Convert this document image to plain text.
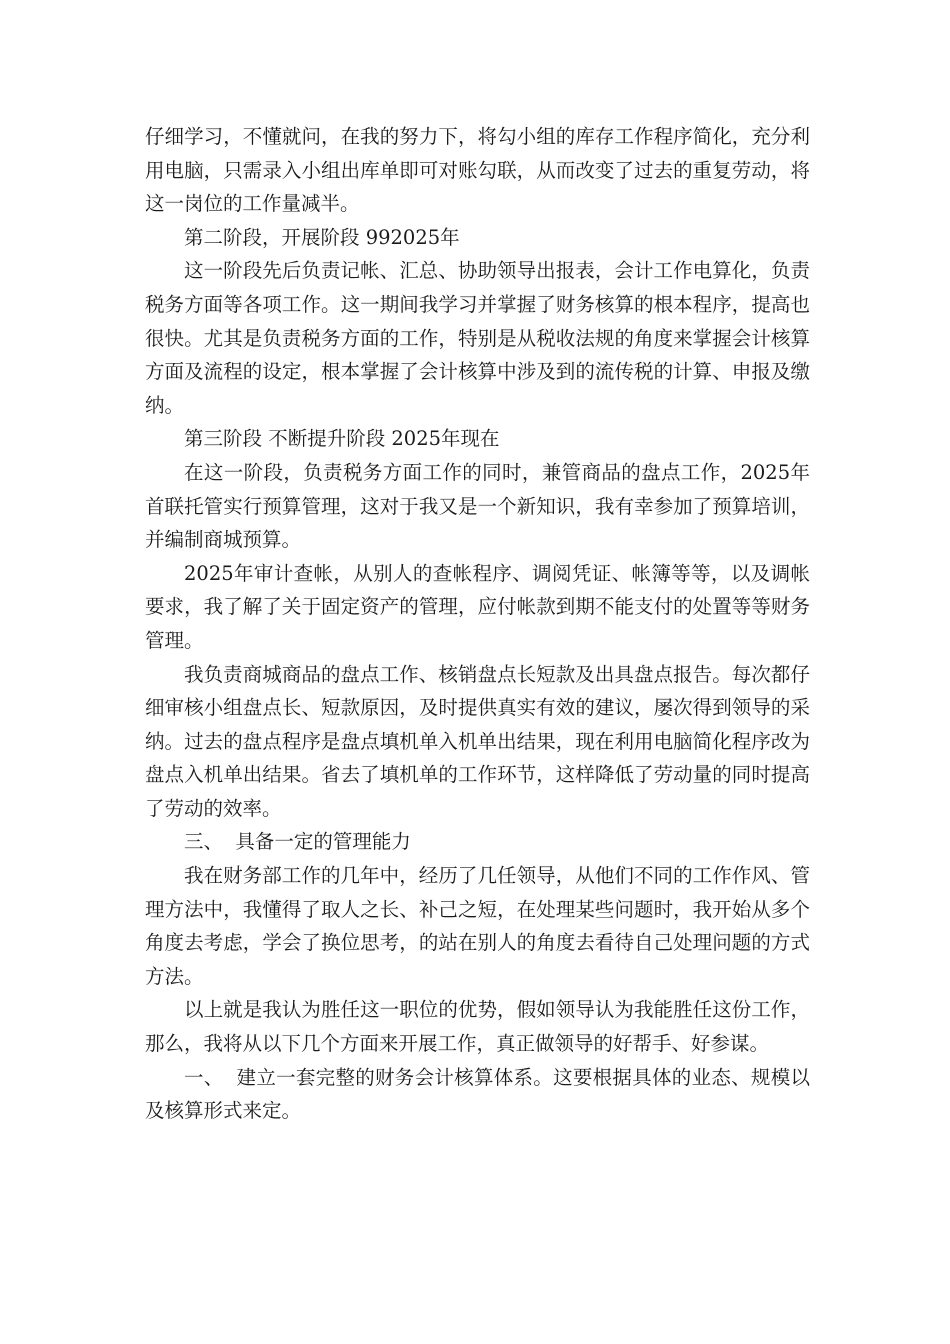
仔细学习，不懂就问，在我的努力下，将勾小组的库存工作程序简化，充分利用电脑，只需录入小组出库单即可对账勾联，从而改变了过去的重复劳动，将这一岗位的工作量减半。

第二阶段，开展阶段 992025年

这一阶段先后负责记帐、汇总、协助领导出报表，会计工作电算化，负责税务方面等各项工作。这一期间我学习并掌握了财务核算的根本程序，提高也很快。尤其是负责税务方面的工作，特别是从税收法规的角度来掌握会计核算方面及流程的设定，根本掌握了会计核算中涉及到的流传税的计算、申报及缴纳。

第三阶段 不断提升阶段 2025年现在

在这一阶段，负责税务方面工作的同时，兼管商品的盘点工作，2025年首联托管实行预算管理，这对于我又是一个新知识，我有幸参加了预算培训，并编制商城预算。

2025年审计查帐，从别人的查帐程序、调阅凭证、帐簿等等，以及调帐要求，我了解了关于固定资产的管理，应付帐款到期不能支付的处置等等财务管理。

我负责商城商品的盘点工作、核销盘点长短款及出具盘点报告。每次都仔细审核小组盘点长、短款原因，及时提供真实有效的建议，屡次得到领导的采纳。过去的盘点程序是盘点填机单入机单出结果，现在利用电脑简化程序改为盘点入机单出结果。省去了填机单的工作环节，这样降低了劳动量的同时提高了劳动的效率。

三、  具备一定的管理能力

我在财务部工作的几年中，经历了几任领导，从他们不同的工作作风、管理方法中，我懂得了取人之长、补己之短，在处理某些问题时，我开始从多个角度去考虑，学会了换位思考，的站在别人的角度去看待自己处理问题的方式方法。

以上就是我认为胜任这一职位的优势，假如领导认为我能胜任这份工作，那么，我将从以下几个方面来开展工作，真正做领导的好帮手、好参谋。

一、  建立一套完整的财务会计核算体系。这要根据具体的业态、规模以及核算形式来定。
